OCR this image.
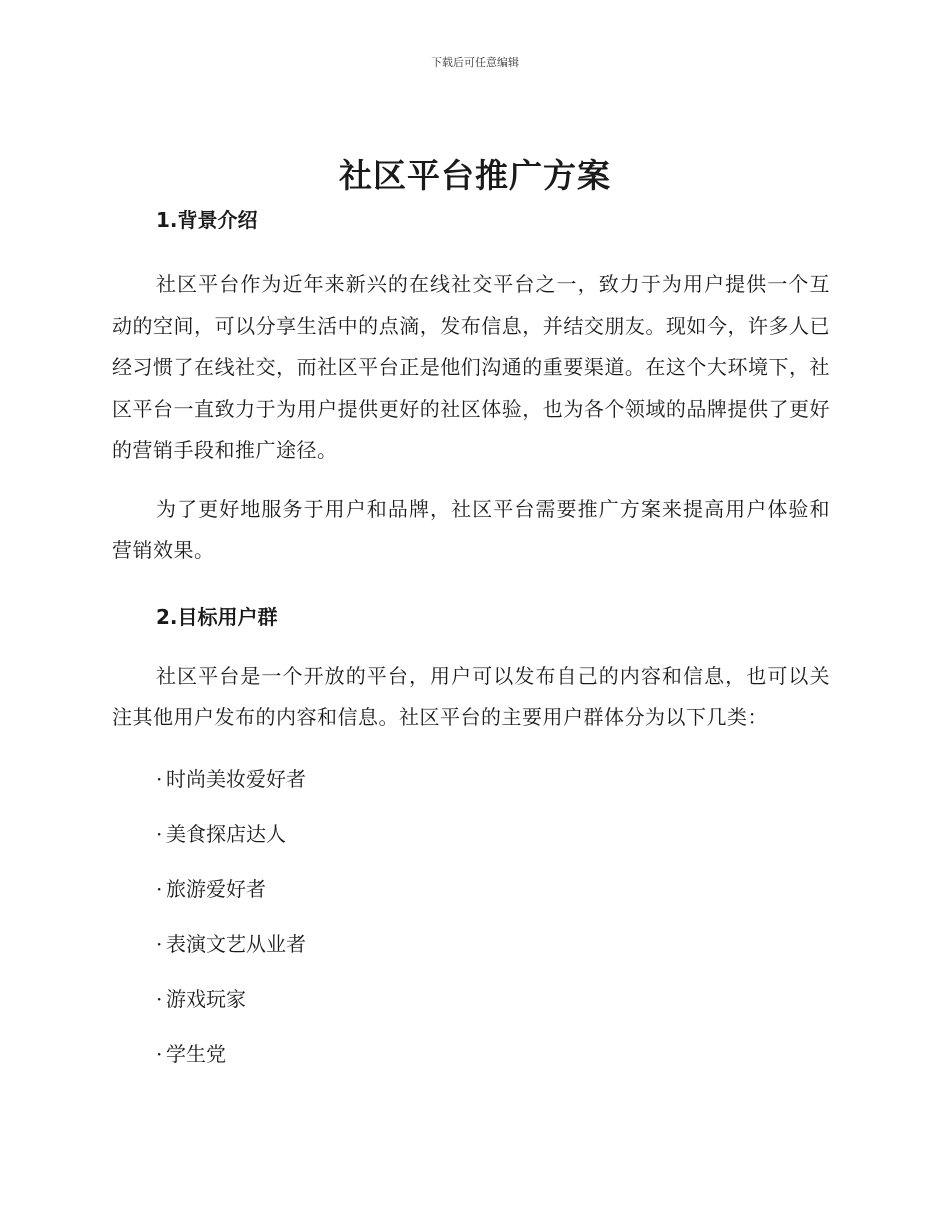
下载后可任意编辑
社区平台推广方案
1.背景介绍

社区平台作为近年来新兴的在线社交平台之一，致力于为用户提供一个互动的空间，可以分享生活中的点滴，发布信息，并结交朋友。现如今，许多人已经习惯了在线社交，而社区平台正是他们沟通的重要渠道。在这个大环境下，社区平台一直致力于为用户提供更好的社区体验，也为各个领域的品牌提供了更好的营销手段和推广途径。

为了更好地服务于用户和品牌，社区平台需要推广方案来提高用户体验和营销效果。

2.目标用户群

社区平台是一个开放的平台，用户可以发布自己的内容和信息，也可以关注其他用户发布的内容和信息。社区平台的主要用户群体分为以下几类：

· 时尚美妆爱好者
· 美食探店达人
· 旅游爱好者
· 表演文艺从业者
· 游戏玩家
· 学生党
